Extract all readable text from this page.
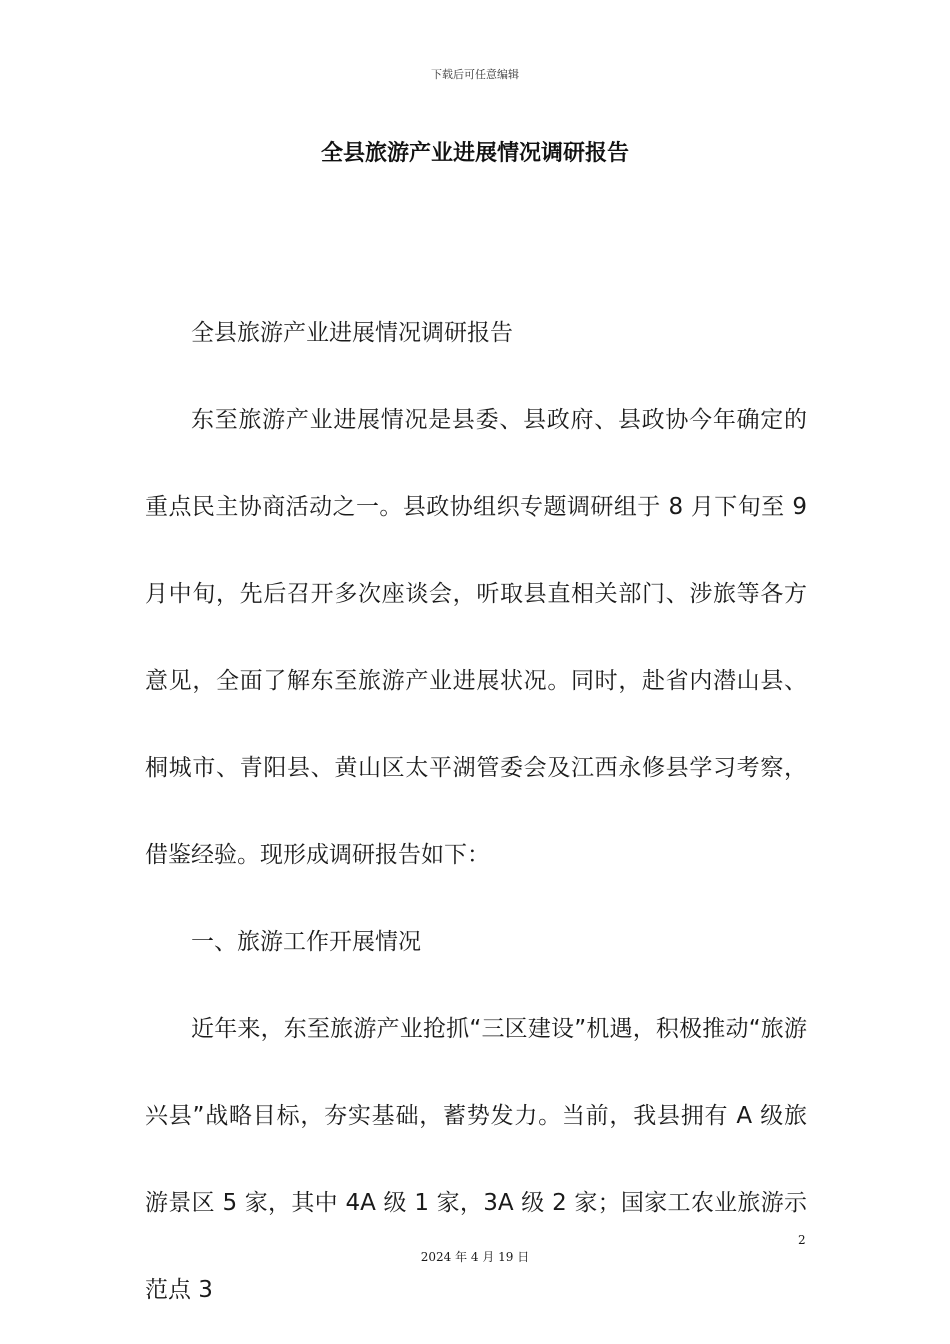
下载后可任意编辑
全县旅游产业进展情况调研报告

全县旅游产业进展情况调研报告

东至旅游产业进展情况是县委、县政府、县政协今年确定的重点民主协商活动之一。县政协组织专题调研组于 8 月下旬至 9 月中旬，先后召开多次座谈会，听取县直相关部门、涉旅等各方意见，全面了解东至旅游产业进展状况。同时，赴省内潜山县、桐城市、青阳县、黄山区太平湖管委会及江西永修县学习考察，借鉴经验。现形成调研报告如下：

一、旅游工作开展情况

近年来，东至旅游产业抢抓“三区建设”机遇，积极推动“旅游兴县”战略目标，夯实基础，蓄势发力。当前，我县拥有 A 级旅游景区 5 家，其中 4A 级 1 家，3A 级 2 家；国家工农业旅游示范点 3

2
2024 年 4 月 19 日
